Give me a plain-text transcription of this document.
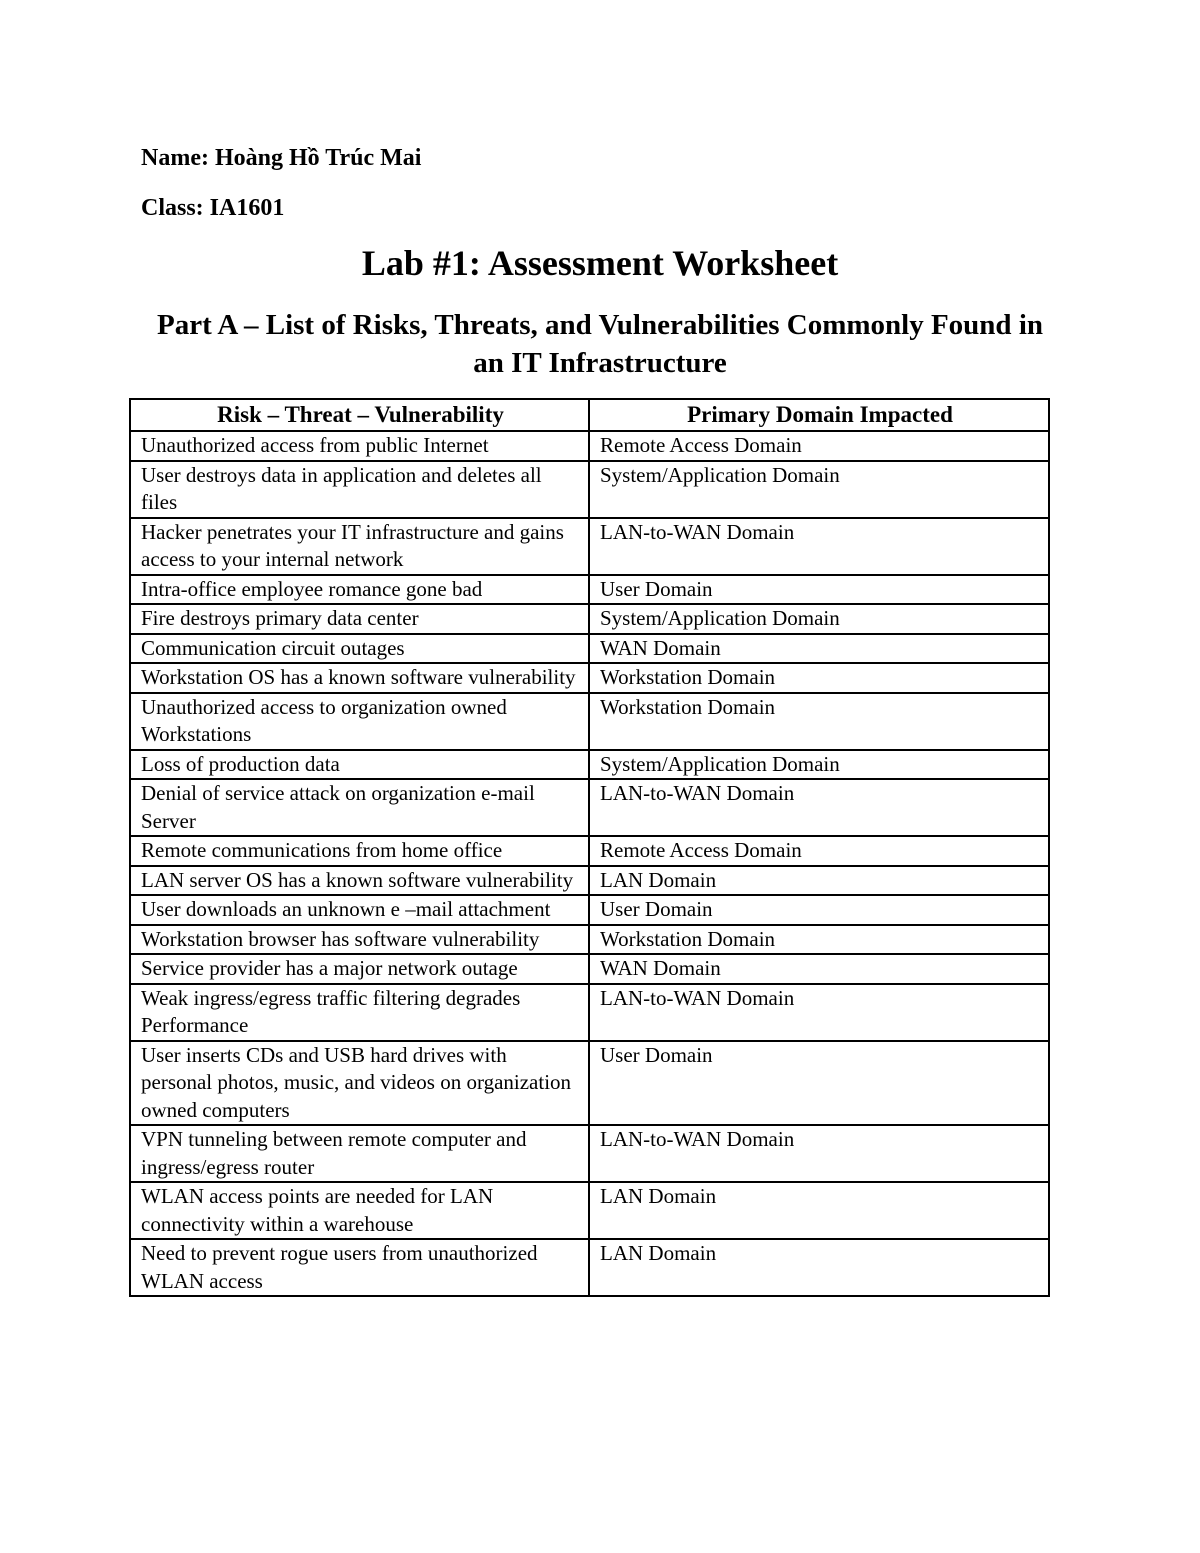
Name: Hoàng Hồ Trúc Mai
Class: IA1601
Lab #1: Assessment Worksheet
Part A – List of Risks, Threats, and Vulnerabilities Commonly Found in an IT Infrastructure
Risk – Threat – Vulnerability	Primary Domain Impacted
Unauthorized access from public Internet	Remote Access Domain
User destroys data in application and deletes all files	System/Application Domain
Hacker penetrates your IT infrastructure and gains access to your internal network	LAN-to-WAN Domain
Intra-office employee romance gone bad	User Domain
Fire destroys primary data center	System/Application Domain
Communication circuit outages	WAN Domain
Workstation OS has a known software vulnerability	Workstation Domain
Unauthorized access to organization owned Workstations	Workstation Domain
Loss of production data	System/Application Domain
Denial of service attack on organization e-mail Server	LAN-to-WAN Domain
Remote communications from home office	Remote Access Domain
LAN server OS has a known software vulnerability	LAN Domain
User downloads an unknown e –mail attachment	User Domain
Workstation browser has software vulnerability	Workstation Domain
Service provider has a major network outage	WAN Domain
Weak ingress/egress traffic filtering degrades Performance	LAN-to-WAN Domain
User inserts CDs and USB hard drives with personal photos, music, and videos on organization owned computers	User Domain
VPN tunneling between remote computer and ingress/egress router	LAN-to-WAN Domain
WLAN access points are needed for LAN connectivity within a warehouse	LAN Domain
Need to prevent rogue users from unauthorized WLAN access	LAN Domain
